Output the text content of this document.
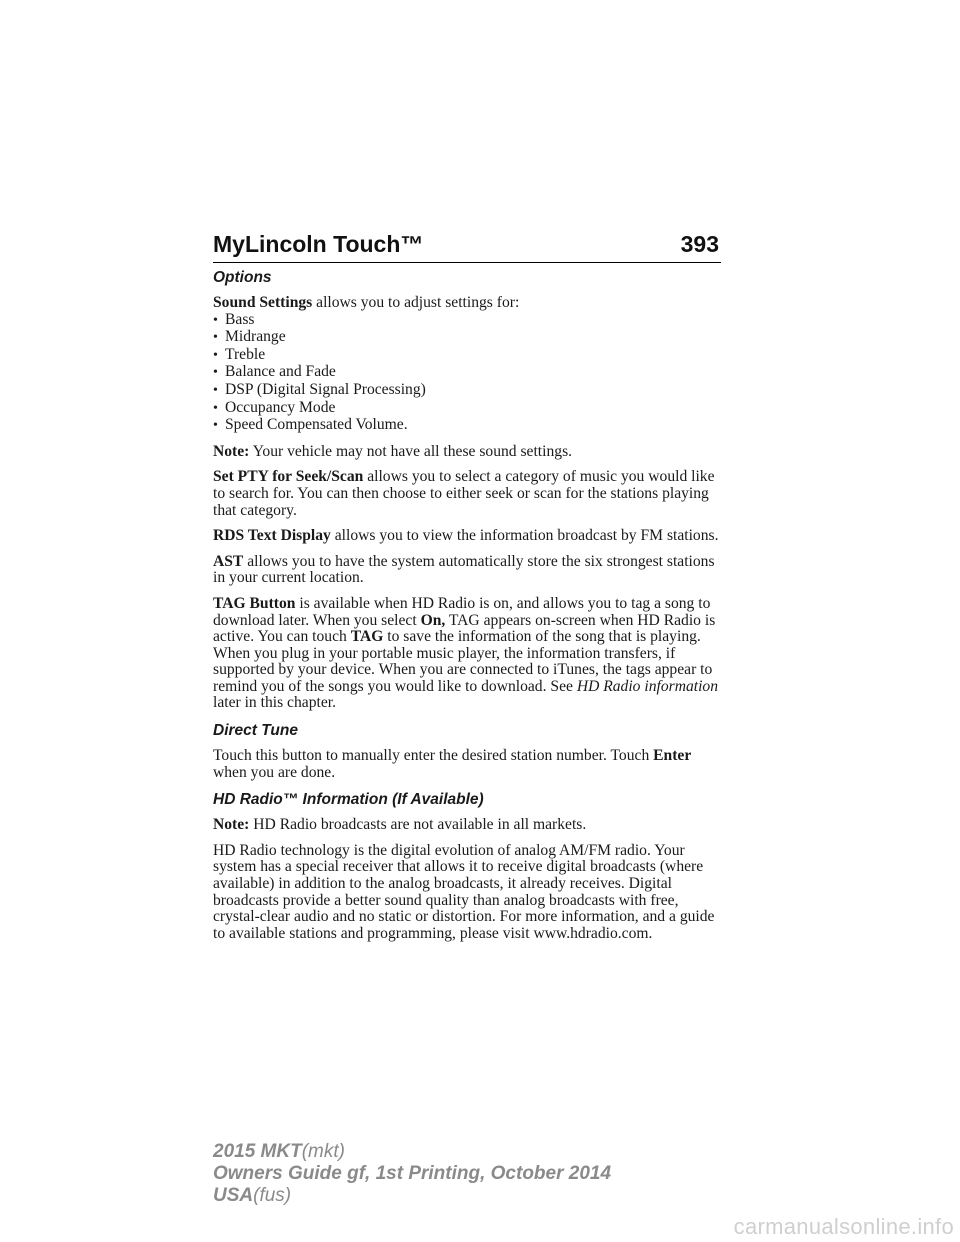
MyLincoln Touch™	393
Options

Sound Settings allows you to adjust settings for:

• Bass
• Midrange
• Treble
• Balance and Fade
• DSP (Digital Signal Processing)
• Occupancy Mode
• Speed Compensated Volume.

Note: Your vehicle may not have all these sound settings.

Set PTY for Seek/Scan allows you to select a category of music you would like to search for. You can then choose to either seek or scan for the stations playing that category.

RDS Text Display allows you to view the information broadcast by FM stations.

AST allows you to have the system automatically store the six strongest stations in your current location.

TAG Button is available when HD Radio is on, and allows you to tag a song to download later. When you select On, TAG appears on-screen when HD Radio is active. You can touch TAG to save the information of the song that is playing. When you plug in your portable music player, the information transfers, if supported by your device. When you are connected to iTunes, the tags appear to remind you of the songs you would like to download. See HD Radio information later in this chapter.

Direct Tune

Touch this button to manually enter the desired station number. Touch Enter when you are done.

HD Radio™ Information (If Available)

Note: HD Radio broadcasts are not available in all markets.

HD Radio technology is the digital evolution of analog AM/FM radio. Your system has a special receiver that allows it to receive digital broadcasts (where available) in addition to the analog broadcasts, it already receives. Digital broadcasts provide a better sound quality than analog broadcasts with free, crystal-clear audio and no static or distortion. For more information, and a guide to available stations and programming, please visit www.hdradio.com.

2015 MKT(mkt)
Owners Guide gf, 1st Printing, October 2014
USA(fus)
carmanualsonline.info
